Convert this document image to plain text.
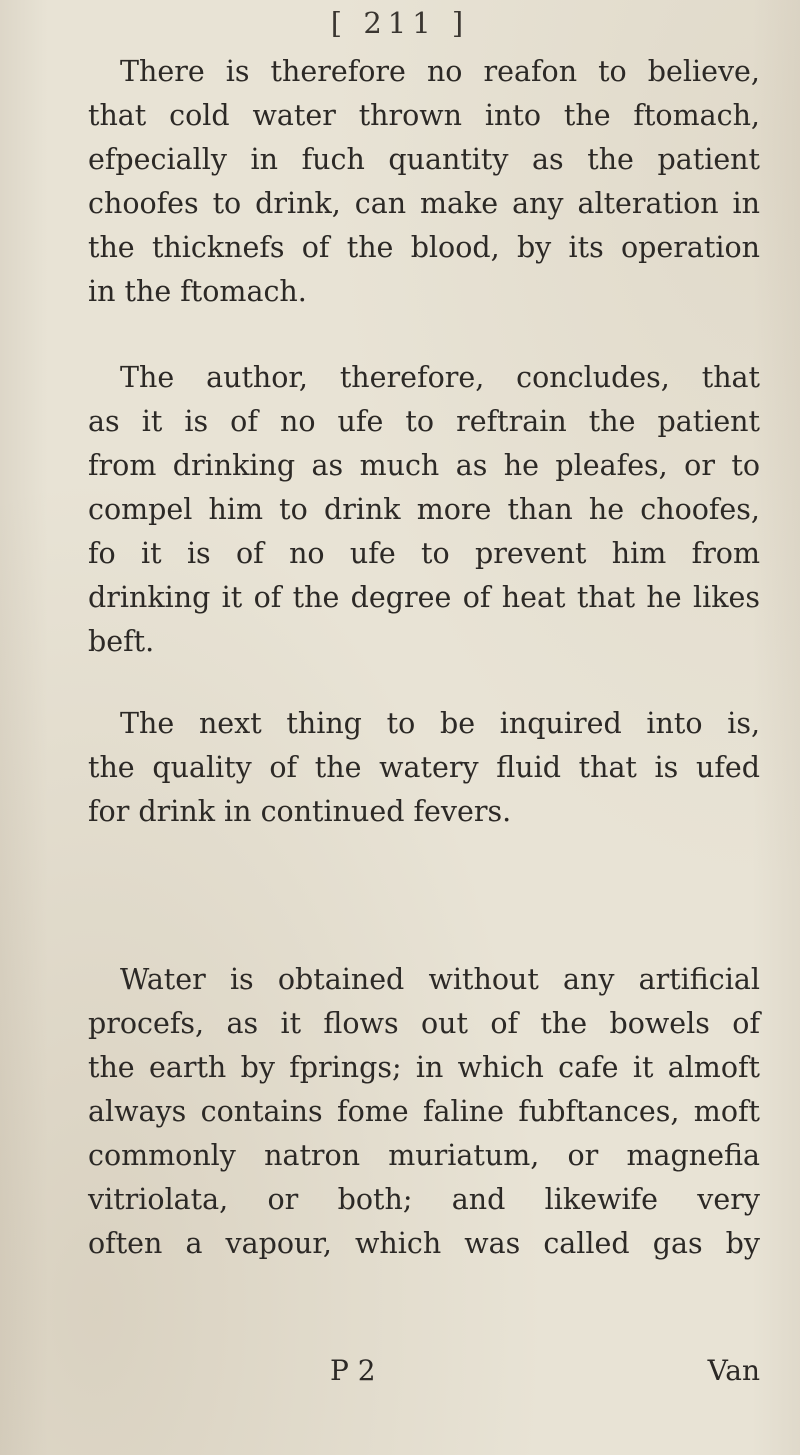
[ 211 ]
There is therefore no reafon to believe,
that cold water thrown into the ftomach,
efpecially in fuch quantity as the patient
choofes to drink, can make any alteration in
the thicknefs of the blood, by its operation
in the ftomach.
The author, therefore, concludes, that
as it is of no ufe to reftrain the patient
from drinking as much as he pleafes, or to
compel him to drink more than he choofes,
fo it is of no ufe to prevent him from
drinking it of the degree of heat that he likes
beft.
The next thing to be inquired into is,
the quality of the watery fluid that is ufed
for drink in continued fevers.
Water is obtained without any artificial
procefs, as it flows out of the bowels of
the earth by fprings; in which cafe it almoft
always contains fome faline fubftances, moft
commonly natron muriatum, or magnefia
vitriolata, or both; and likewife very
often a vapour, which was called gas by
P 2	Van
